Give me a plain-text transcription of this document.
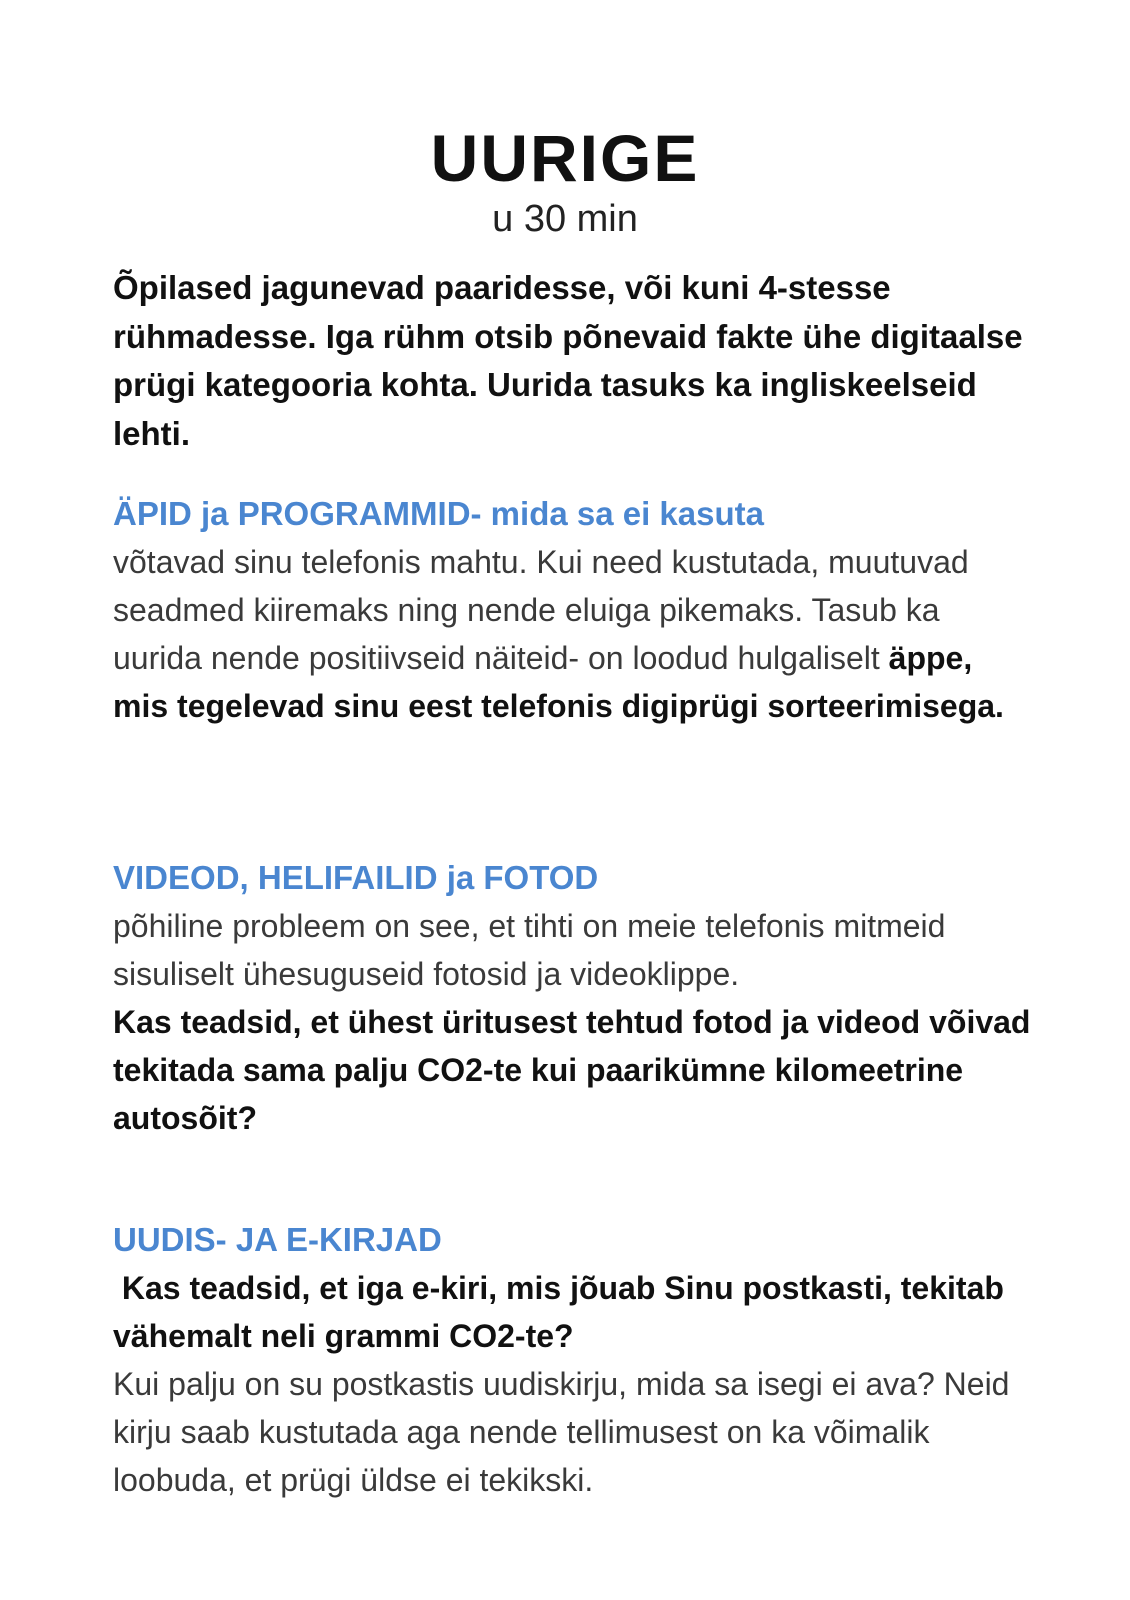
UURIGE
u 30 min
Õpilased jagunevad paaridesse, või kuni 4-stesse rühmadesse. Iga rühm otsib põnevaid fakte ühe digitaalse prügi kategooria kohta. Uurida tasuks ka ingliskeelseid lehti.

ÄPID ja PROGRAMMID- mida sa ei kasuta

võtavad sinu telefonis mahtu. Kui need kustutada, muutuvad seadmed kiiremaks ning nende eluiga pikemaks. Tasub ka uurida nende positiivseid näiteid- on loodud hulgaliselt äppe, mis tegelevad sinu eest telefonis digiprügi sorteerimisega.

VIDEOD, HELIFAILID ja FOTOD

põhiline probleem on see, et tihti on meie telefonis mitmeid sisuliselt ühesuguseid fotosid ja videoklippe.

Kas teadsid, et ühest üritusest tehtud fotod ja videod võivad tekitada sama palju CO2-te kui paarikümne kilomeetrine autosõit?

UUDIS- JA E-KIRJAD

Kas teadsid, et iga e-kiri, mis jõuab Sinu postkasti, tekitab vähemalt neli grammi CO2-te?

Kui palju on su postkastis uudiskirju, mida sa isegi ei ava? Neid kirju saab kustutada aga nende tellimusest on ka võimalik loobuda, et prügi üldse ei tekikski.
